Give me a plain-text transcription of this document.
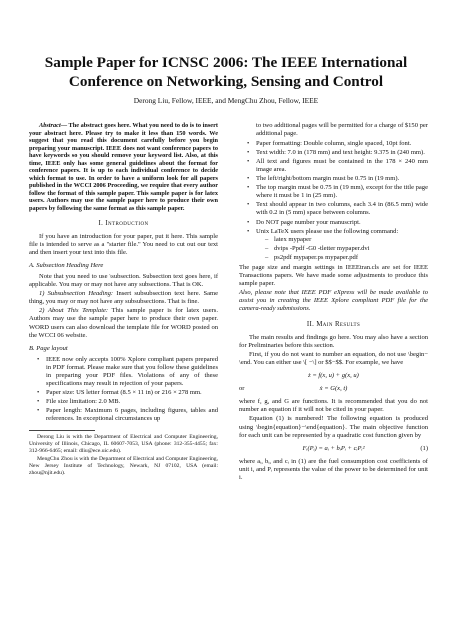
Sample Paper for ICNSC 2006: The IEEE International Conference on Networking, Sensing and Control
Derong Liu, Fellow, IEEE, and MengChu Zhou, Fellow, IEEE

Abstract— The abstract goes here. What you need to do is to insert your abstract here. Please try to make it less than 150 words. We suggest that you read this document carefully before you begin preparing your manuscript. IEEE does not want conference papers to have keywords so you should remove your keyword list. Also, at this time, IEEE only has some general guidelines about the format for conference papers. It is up to each individual conference to decide which format to use. In order to have a uniform look for all papers published in the WCCI 2006 Proceeding, we require that every author follow the format of this sample paper. This sample paper is for latex users. Authors may use the sample paper here to produce their own papers by following the same format as this sample paper.

I. Introduction

If you have an introduction for your paper, put it here. This sample file is intended to serve as a "starter file." You need to cut out our text and then insert your text into this file.

A. Subsection Heading Here

Note that you need to use \subsection. Subsection text goes here, if applicable. You may or may not have any subsections. That is OK.

1) Subsubsection Heading: Insert subsubsection text here. Same thing, you may or may not have any subsubsections. That is fine.

2) About This Template: This sample paper is for latex users. Authors may use the sample paper here to produce their own paper. WORD users can also download the template file for WORD posted on the WCCI 06 website.

B. Page layout
• IEEE now only accepts 100% Xplore compliant papers prepared in PDF format. Please make sure that you follow these guidelines in preparing your PDF files. Violations of any of these specifications may result in rejection of your papers.
• Paper size: US letter format (8.5 × 11 in) or 216 × 278 mm.
• File size limitation: 2.0 MB.
• Paper length: Maximum 6 pages, including figures, tables and references. In exceptional circumstances up

Derong Liu is with the Department of Electrical and Computer Engineering, University of Illinois, Chicago, IL 60607-7053, USA (phone: 312-355-4455; fax: 312-966-6465; email: dliu@ece.uic.edu).

MengChu Zhou is with the Department of Electrical and Computer Engineering, New Jersey Institute of Technology, Newark, NJ 07102, USA (email: zhou@njit.edu).

to two additional pages will be permitted for a charge of $150 per additional page.

• Paper formatting: Double column, single spaced, 10pt font.
• Text width: 7.0 in (178 mm) and text height: 9.375 in (240 mm).
• All text and figures must be contained in the 178 × 240 mm image area.
• The left/right/bottom margin must be 0.75 in (19 mm).
• The top margin must be 0.75 in (19 mm), except for the title page where it must be 1 in (25 mm).
• Text should appear in two columns, each 3.4 in (86.5 mm) wide with 0.2 in (5 mm) space between columns.
• Do NOT page number your manuscript.
• Unix LaTeX users please use the following command:
– latex mypaper
– dvips -Ppdf -G0 -tletter mypaper.dvi
– ps2pdf mypaper.ps mypaper.pdf

The page size and margin settings in IEEEtran.cls are set for IEEE Transactions papers. We have made some adjustments to produce this sample paper.

Also, please note that IEEE PDF eXpress will be made available to assist you in creating the IEEE Xplore compliant PDF file for the camera-ready submissions.

II. Main Results

The main results and findings go here. You may also have a section for Preliminaries before this section.

First, if you do not want to number an equation, do not use \begin−\end. You can either use \[ −\] or $$−$$. For example, we have

ż = f(x, u) + g(x, u)
or	ẋ = G(x, t)

where f, g, and G are functions. It is recommended that you do not number an equation if it will not be cited in your paper.

Equation (1) is numbered! The following equation is produced using \begin{equation}−\end{equation}. The main objective function for each unit can be represented by a quadratic cost function given by

Fᵢ(Pᵢ) = aᵢ + bᵢPᵢ + cᵢPᵢ²	(1)

where aᵢ, bᵢ, and cᵢ in (1) are the fuel consumption cost coefficients of unit i, and Pᵢ represents the value of the power to be determined for unit i.
